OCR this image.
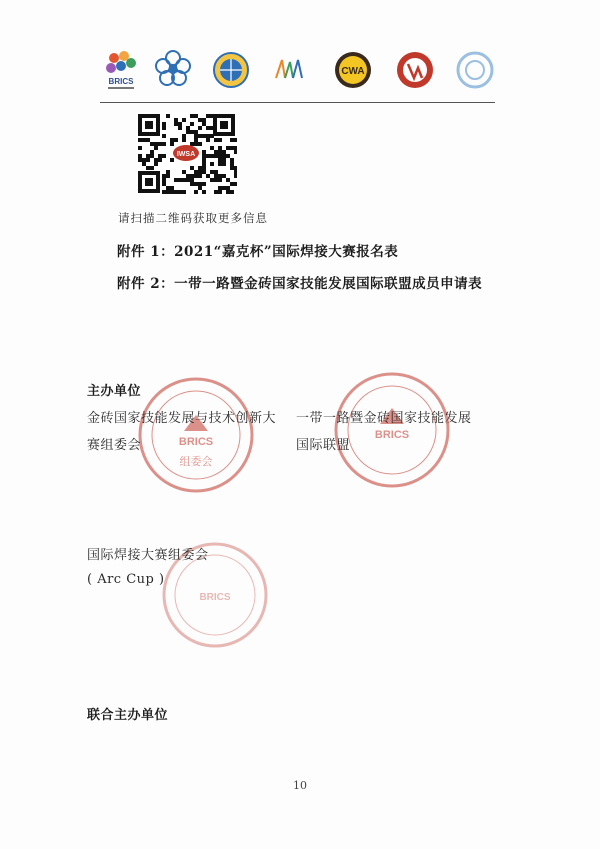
BRICS
CWA
IWSA
请扫描二维码获取更多信息
附件 1：2021“嘉克杯”国际焊接大赛报名表
附件 2：一带一路暨金砖国家技能发展国际联盟成员申请表
主办单位
BRICS
组委会
BRICS
金砖国家技能发展与技术创新大
赛组委会
一带一路暨金砖国家技能发展
国际联盟
BRICS
国际焊接大赛组委会
( Arc Cup )
联合主办单位
10
